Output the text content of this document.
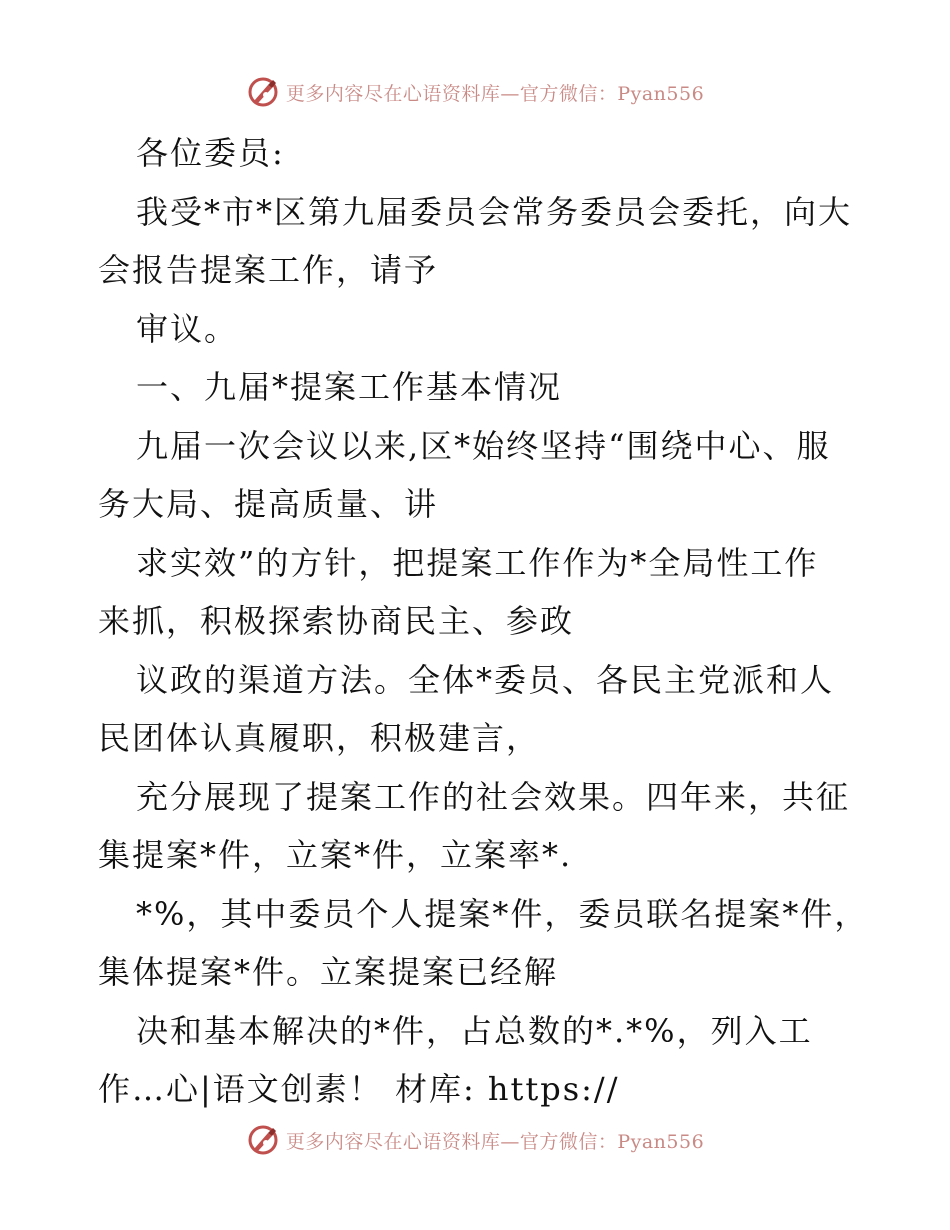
更多内容尽在心语资料库—官方微信：Pyan556
各位委员:
我受*市*区第九届委员会常务委员会委托，向大
会报告提案工作，请予
审议。
一、九届*提案工作基本情况
九届一次会议以来,区*始终坚持“围绕中心、服
务大局、提高质量、讲
求实效”的方针，把提案工作作为*全局性工作
来抓，积极探索协商民主、参政
议政的渠道方法。全体*委员、各民主党派和人
民团体认真履职，积极建言，
充分展现了提案工作的社会效果。四年来，共征
集提案*件，立案*件，立案率*.
*%，其中委员个人提案*件，委员联名提案*件，
集体提案*件。立案提案已经解
决和基本解决的*件，占总数的*.*%，列入工
作…心|语文创素！ 材库: https://
更多内容尽在心语资料库—官方微信：Pyan556
